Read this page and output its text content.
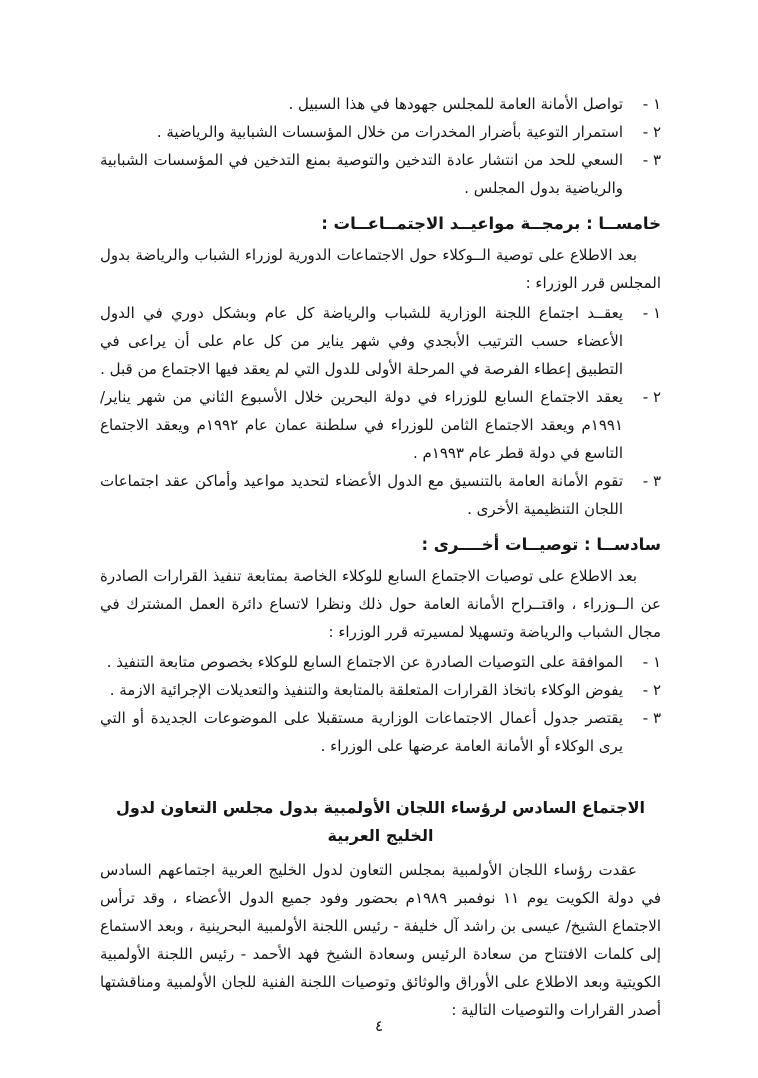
١ -
تواصل الأمانة العامة للمجلس جهودها في هذا السبيل .
٢ -
استمرار التوعية بأضرار المخدرات من خلال المؤسسات الشبابية والرياضية .
٣ -
السعي للحد من انتشار عادة التدخين والتوصية بمنع التدخين في المؤسسات الشبابية والرياضية بدول المجلس .
خامســا : برمجــة مواعيــد الاجتمــاعــات :
بعد الاطلاع على توصية الــوكلاء حول الاجتماعات الدورية لوزراء الشباب والرياضة بدول المجلس قرر الوزراء :
١ -
يعقــد اجتماع اللجنة الوزارية للشباب والرياضة كل عام وبشكل دوري في الدول الأعضاء حسب الترتيب الأبجدي وفي شهر يناير من كل عام على أن يراعى في التطبيق إعطاء الفرصة في المرحلة الأولى للدول التي لم يعقد فيها الاجتماع من قبل .
٢ -
يعقد الاجتماع السابع للوزراء في دولة البحرين خلال الأسبوع الثاني من شهر يناير/١٩٩١م ويعقد الاجتماع الثامن للوزراء في سلطنة عمان عام ١٩٩٢م ويعقد الاجتماع التاسع في دولة قطر عام ١٩٩٣م .
٣ -
تقوم الأمانة العامة بالتنسيق مع الدول الأعضاء لتحديد مواعيد وأماكن عقد اجتماعات اللجان التنظيمية الأخرى .
سادســا : توصيــات أخــــرى :
بعد الاطلاع على توصيات الاجتماع السابع للوكلاء الخاصة بمتابعة تنفيذ القرارات الصادرة عن الــوزراء ، واقتــراح الأمانة العامة حول ذلك ونظرا لاتساع دائرة العمل المشترك في مجال الشباب والرياضة وتسهيلا لمسيرته قرر الوزراء :
١ -
الموافقة على التوصيات الصادرة عن الاجتماع السابع للوكلاء بخصوص متابعة التنفيذ .
٢ -
يفوض الوكلاء باتخاذ القرارات المتعلقة بالمتابعة والتنفيذ والتعديلات الإجرائية الازمة .
٣ -
يقتصر جدول أعمال الاجتماعات الوزارية مستقبلا على الموضوعات الجديدة أو التي يرى الوكلاء أو الأمانة العامة عرضها على الوزراء .
الاجتماع السادس لرؤساء اللجان الأولمبية بدول مجلس التعاون لدول الخليج العربية
عقدت رؤساء اللجان الأولمبية بمجلس التعاون لدول الخليج العربية اجتماعهم السادس في دولة الكويت يوم ١١ نوفمبر ١٩٨٩م بحضور وفود جميع الدول الأعضاء ، وقد ترأس الاجتماع الشيخ/ عيسى بن راشد آل خليفة - رئيس اللجنة الأولمبية البحرينية ، وبعد الاستماع إلى كلمات الافتتاح من سعادة الرئيس وسعادة الشيخ فهد الأحمد - رئيس اللجنة الأولمبية الكويتية وبعد الاطلاع على الأوراق والوثائق وتوصيات اللجنة الفنية للجان الأولمبية ومناقشتها أصدر القرارات والتوصيات التالية :
٤
